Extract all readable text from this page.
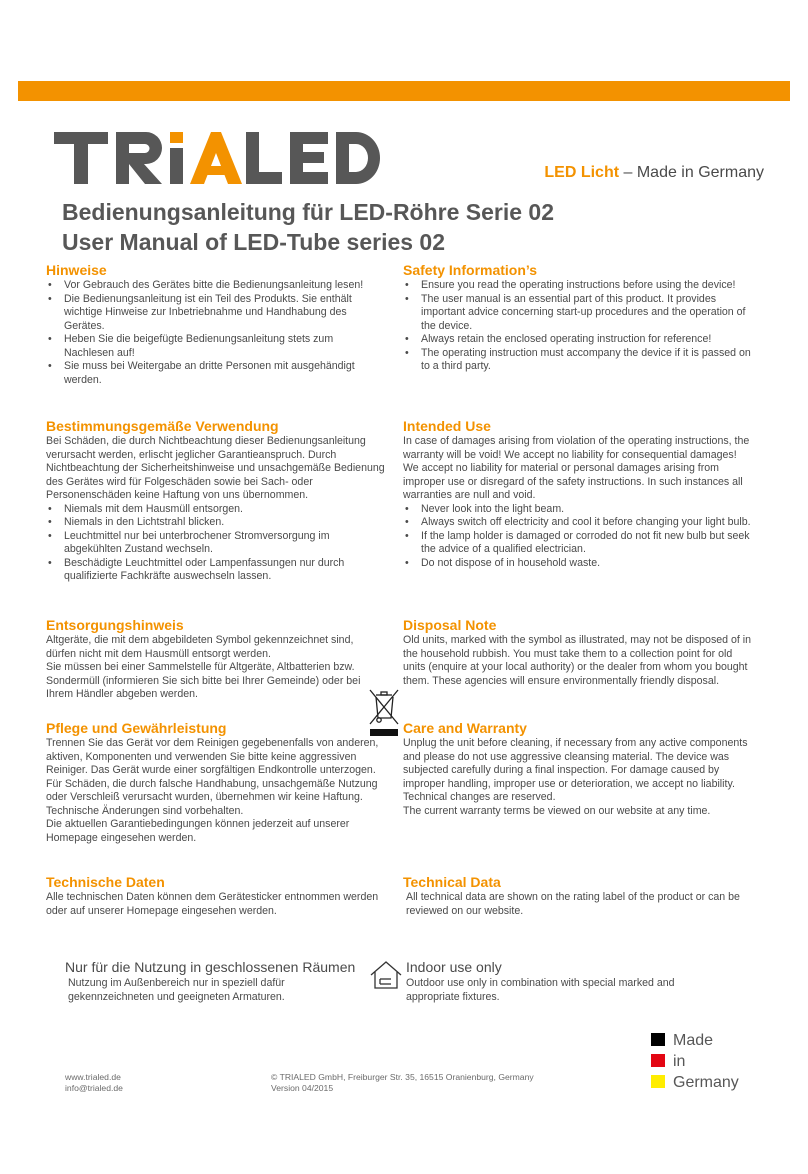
LED Licht – Made in Germany
Bedienungsanleitung für LED-Röhre Serie 02
User Manual of LED-Tube series 02

Hinweise

• Vor Gebrauch des Gerätes bitte die Bedienungsanleitung lesen!
• Die Bedienungsanleitung ist ein Teil des Produkts. Sie enthält wichtige Hinweise zur Inbetriebnahme und Handhabung des Gerätes.
• Heben Sie die beigefügte Bedienungsanleitung stets zum Nachlesen auf!
• Sie muss bei Weitergabe an dritte Personen mit ausgehändigt werden.

Bestimmungsgemäße Verwendung

Bei Schäden, die durch Nichtbeachtung dieser Bedienungsanleitung verursacht werden, erlischt jeglicher Garantieanspruch. Durch Nichtbeachtung der Sicherheitshinweise und unsachgemäße Bedienung des Gerätes wird für Folgeschäden sowie bei Sach- oder Personenschäden keine Haftung von uns übernommen.

• Niemals mit dem Hausmüll entsorgen.
• Niemals in den Lichtstrahl blicken.
• Leuchtmittel nur bei unterbrochener Stromversorgung im abgekühlten Zustand wechseln.
• Beschädigte Leuchtmittel oder Lampenfassungen nur durch qualifizierte Fachkräfte auswechseln lassen.

Entsorgungshinweis

Altgeräte, die mit dem abgebildeten Symbol gekennzeichnet sind, dürfen nicht mit dem Hausmüll entsorgt werden.

Sie müssen bei einer Sammelstelle für Altgeräte, Altbatterien bzw. Sondermüll (informieren Sie sich bitte bei Ihrer Gemeinde) oder bei Ihrem Händler abgeben werden.

Pflege und Gewährleistung

Trennen Sie das Gerät vor dem Reinigen gegebenenfalls von anderen, aktiven, Komponenten und verwenden Sie bitte keine aggressiven Reiniger. Das Gerät wurde einer sorgfältigen Endkontrolle unterzogen. Für Schäden, die durch falsche Handhabung, unsachgemäße Nutzung oder Verschleiß verursacht wurden, übernehmen wir keine Haftung. Technische Änderungen sind vorbehalten.

Die aktuellen Garantiebedingungen können jederzeit auf unserer Homepage eingesehen werden.

Technische Daten

Alle technischen Daten können dem Gerätesticker entnommen werden oder auf unserer Homepage eingesehen werden.

Safety Information’s

• Ensure you read the operating instructions before using the device!
• The user manual is an essential part of this product. It provides important advice concerning start-up procedures and the operation of the device.
• Always retain the enclosed operating instruction for reference!
• The operating instruction must accompany the device if it is passed on to a third party.

Intended Use

In case of damages arising from violation of the operating instructions, the warranty will be void! We accept no liability for consequential damages! We accept no liability for material or personal damages arising from improper use or disregard of the safety instructions. In such instances all warranties are null and void.

• Never look into the light beam.
• Always switch off electricity and cool it before changing your light bulb.
• If the lamp holder is damaged or corroded do not fit new bulb but seek the advice of a qualified electrician.
• Do not dispose of in household waste.

Disposal Note

Old units, marked with the symbol as illustrated, may not be disposed of in the household rubbish. You must take them to a collection point for old units (enquire at your local authority) or the dealer from whom you bought them. These agencies will ensure environmentally friendly disposal.

Care and Warranty

Unplug the unit before cleaning, if necessary from any active components and please do not use aggressive cleansing material. The device was subjected carefully during a final inspection. For damage caused by improper handling, improper use or deterioration, we accept no liability. Technical changes are reserved.

The current warranty terms be viewed on our website at any time.

Technical Data

All technical data are shown on the rating label of the product or can be reviewed on our website.

Nur für die Nutzung in geschlossenen Räumen
Nutzung im Außenbereich nur in speziell dafür gekennzeichneten und geeigneten Armaturen.
Indoor use only
Outdoor use only in combination with special marked and appropriate fixtures.
Made
in
Germany
www.trialed.de
info@trialed.de
© TRIALED GmbH, Freiburger Str. 35, 16515 Oranienburg, Germany
Version 04/2015
